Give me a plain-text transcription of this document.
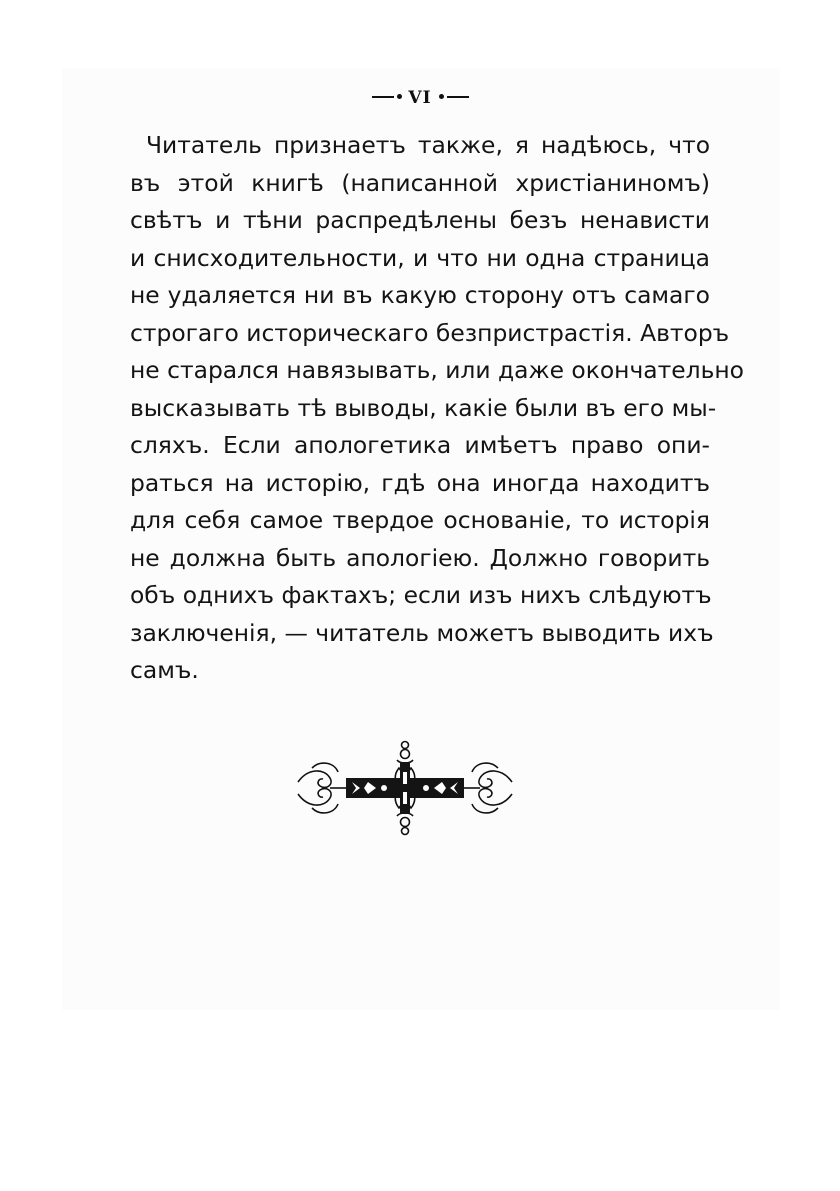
VI
Читатель признаетъ также, я надѣюсь, что
въ этой книгѣ (написанной христіаниномъ)
свѣтъ и тѣни распредѣлены безъ ненависти
и снисходительности, и что ни одна страница
не удаляется ни въ какую сторону отъ самаго
строгаго историческаго безпристрастія. Авторъ
не старался навязывать, или даже окончательно
высказывать тѣ выводы, какіе были въ его мы-
сляхъ. Если апологетика имѣетъ право опи-
раться на исторію, гдѣ она иногда находитъ
для себя самое твердое основаніе, то исторія
не должна быть апологіею. Должно говорить
объ однихъ фактахъ; если изъ нихъ слѣдуютъ
заключенія, — читатель можетъ выводить ихъ
самъ.
